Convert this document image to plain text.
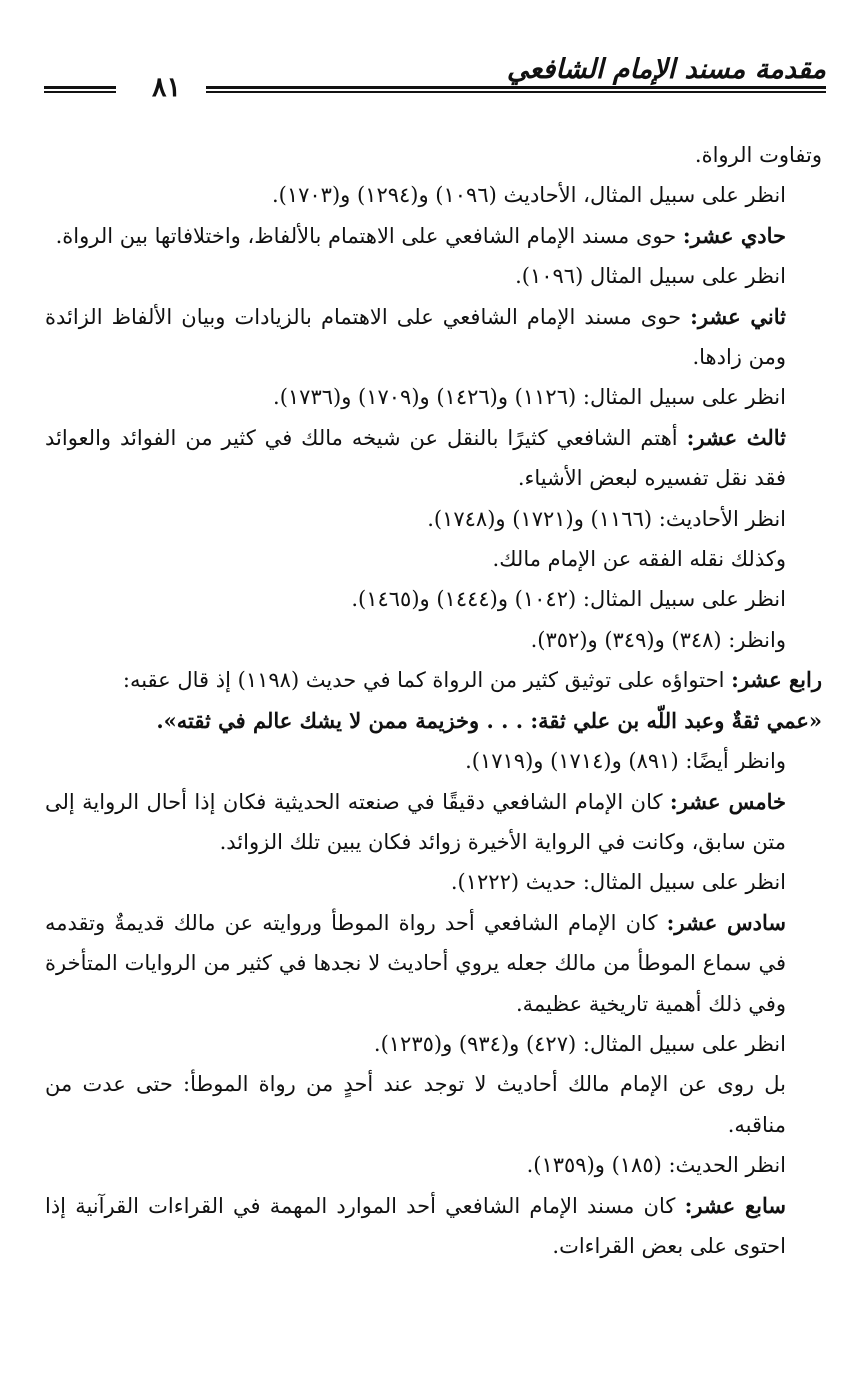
٨١
مقدمة مسند الإمام الشافعي

وتفاوت الرواة.

انظر على سبيل المثال، الأحاديث (١٠٩٦) و(١٢٩٤) و(١٧٠٣).

حادي عشر: حوى مسند الإمام الشافعي على الاهتمام بالألفاظ، واختلافاتها بين الرواة.

انظر على سبيل المثال (١٠٩٦).

ثاني عشر: حوى مسند الإمام الشافعي على الاهتمام بالزيادات وبيان الألفاظ الزائدة ومن زادها.

انظر على سبيل المثال: (١١٢٦) و(١٤٢٦) و(١٧٠٩) و(١٧٣٦).

ثالث عشر: أهتم الشافعي كثيرًا بالنقل عن شيخه مالك في كثير من الفوائد والعوائد فقد نقل تفسيره لبعض الأشياء.

انظر الأحاديث: (١١٦٦) و(١٧٢١) و(١٧٤٨).

وكذلك نقله الفقه عن الإمام مالك.

انظر على سبيل المثال: (١٠٤٢) و(١٤٤٤) و(١٤٦٥).

وانظر: (٣٤٨) و(٣٤٩) و(٣٥٢).

رابع عشر: احتواؤه على توثيق كثير من الرواة كما في حديث (١١٩٨) إذ قال عقبه:

«عمي ثقةٌ وعبد اللّه بن علي ثقة: . . . وخزيمة ممن لا يشك عالم في ثقته».

وانظر أيضًا: (٨٩١) و(١٧١٤) و(١٧١٩).

خامس عشر: كان الإمام الشافعي دقيقًا في صنعته الحديثية فكان إذا أحال الرواية إلى متن سابق، وكانت في الرواية الأخيرة زوائد فكان يبين تلك الزوائد.

انظر على سبيل المثال: حديث (١٢٢٢).

سادس عشر: كان الإمام الشافعي أحد رواة الموطأ وروايته عن مالك قديمةٌ وتقدمه في سماع الموطأ من مالك جعله يروي أحاديث لا نجدها في كثير من الروايات المتأخرة وفي ذلك أهمية تاريخية عظيمة.

انظر على سبيل المثال: (٤٢٧) و(٩٣٤) و(١٢٣٥).

بل روى عن الإمام مالك أحاديث لا توجد عند أحدٍ من رواة الموطأ: حتى عدت من مناقبه.

انظر الحديث: (١٨٥) و(١٣٥٩).

سابع عشر: كان مسند الإمام الشافعي أحد الموارد المهمة في القراءات القرآنية إذا احتوى على بعض القراءات.
